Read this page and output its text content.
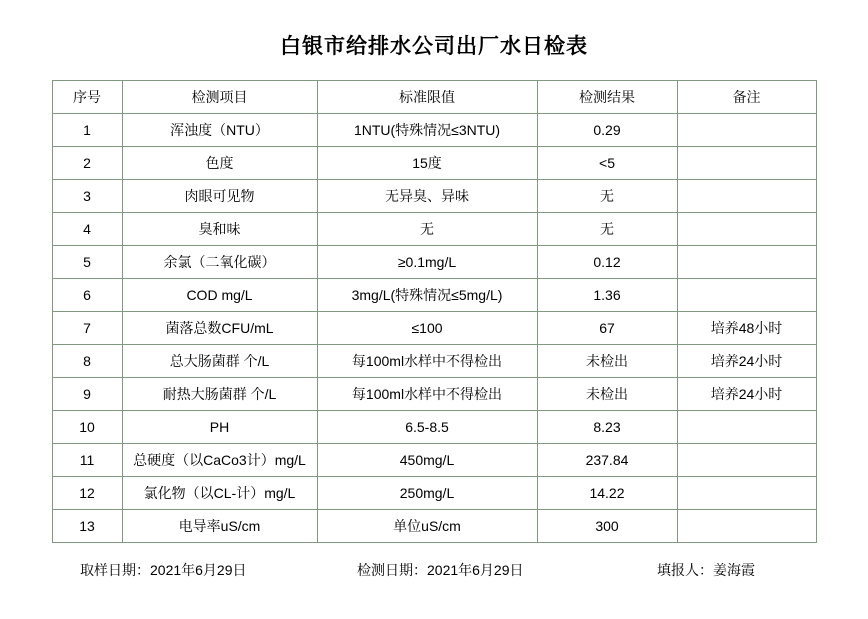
白银市给排水公司出厂水日检表
序号	检测项目	标准限值	检测结果	备注
1	浑浊度（NTU）	1NTU(特殊情况≤3NTU)	0.29	
2	色度	15度	<5	
3	肉眼可见物	无异臭、异味	无	
4	臭和味	无	无	
5	余氯（二氧化碳）	≥0.1mg/L	0.12	
6	COD mg/L	3mg/L(特殊情况≤5mg/L)	1.36	
7	菌落总数CFU/mL	≤100	67	培养48小时
8	总大肠菌群 个/L	每100ml水样中不得检出	未检出	培养24小时
9	耐热大肠菌群 个/L	每100ml水样中不得检出	未检出	培养24小时
10	PH	6.5-8.5	8.23	
11	总硬度（以CaCo3计）mg/L	450mg/L	237.84	
12	氯化物（以CL-计）mg/L	250mg/L	14.22	
13	电导率uS/cm	单位uS/cm	300	
取样日期：2021年6月29日	检测日期：2021年6月29日	填报人：姜海霞
